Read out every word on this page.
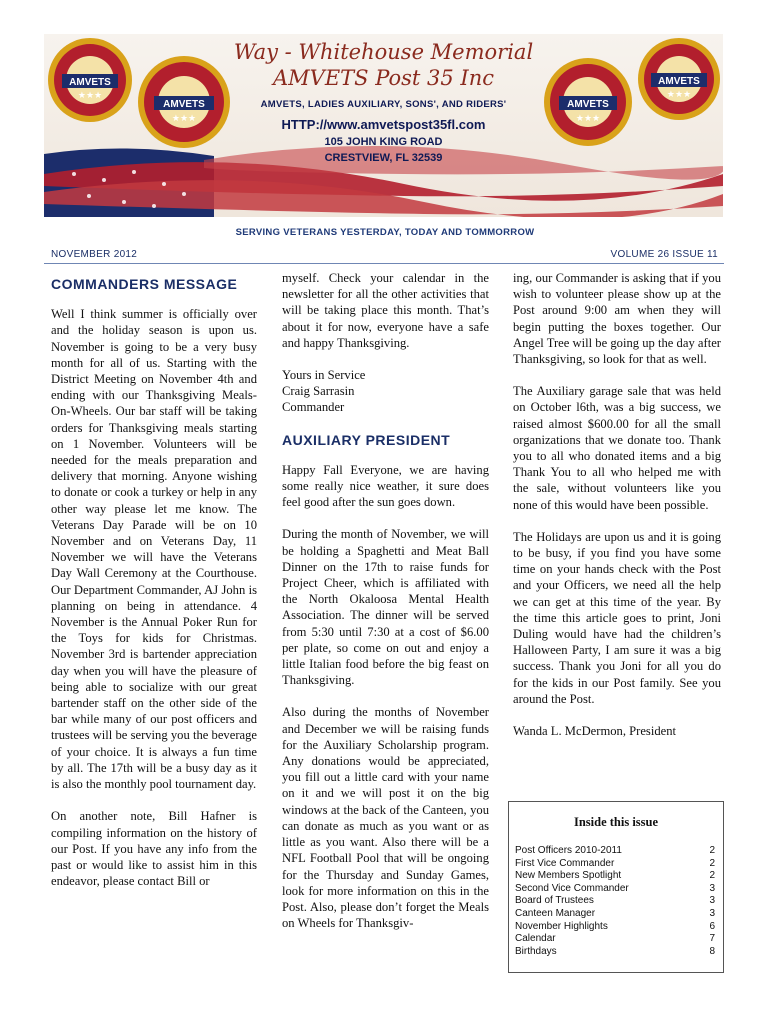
AMVETS
★★★
AMVETS
★★★
AMVETS
★★★
AMVETS
★★★
Way - Whitehouse Memorial
AMVETS Post 35 Inc
AMVETS, LADIES AUXILIARY, SONS', AND RIDERS'
HTTP://www.amvetspost35fl.com
105 JOHN KING ROAD
CRESTVIEW, FL 32539
SERVING VETERANS YESTERDAY, TODAY AND TOMMORROW
NOVEMBER 2012	VOLUME 26 ISSUE 11
COMMANDERS MESSAGE

Well I think summer is officially over and the holiday season is upon us. November is going to be a very busy month for all of us. Starting with the District Meeting on November 4th and ending with our Thanksgiving Meals-On-Wheels. Our bar staff will be taking orders for Thanksgiving meals starting on 1 November. Volunteers will be needed for the meals preparation and delivery that morning. Anyone wishing to donate or cook a turkey or help in any other way please let me know. The Veterans Day Parade will be on 10 November and on Veterans Day, 11 November we will have the Veterans Day Wall Ceremony at the Courthouse. Our Department Commander, AJ John is planning on being in attendance. 4 November is the Annual Poker Run for the Toys for kids for Christmas. November 3rd is bartender appreciation day when you will have the pleasure of being able to socialize with our great bartender staff on the other side of the bar while many of our post officers and trustees will be serving you the beverage of your choice. It is always a fun time by all. The 17th will be a busy day as it is also the monthly pool tournament day.

On another note, Bill Hafner is compiling information on the history of our Post. If you have any info from the past or would like to assist him in this endeavor, please contact Bill or

myself. Check your calendar in the newsletter for all the other activities that will be taking place this month. That’s about it for now, everyone have a safe and happy Thanksgiving.

Yours in Service

Craig Sarrasin

Commander

AUXILIARY PRESIDENT

Happy Fall Everyone, we are having some really nice weather, it sure does feel good after the sun goes down.

During the month of November, we will be holding a Spaghetti and Meat Ball Dinner on the 17th to raise funds for Project Cheer, which is affiliated with the North Okaloosa Mental Health Association. The dinner will be served from 5:30 until 7:30 at a cost of $6.00 per plate, so come on out and enjoy a little Italian food before the big feast on Thanksgiving.

Also during the months of November and December we will be raising funds for the Auxiliary Scholarship program. Any donations would be appreciated, you fill out a little card with your name on it and we will post it on the big windows at the back of the Canteen, you can donate as much as you want or as little as you want. Also there will be a NFL Football Pool that will be ongoing for the Thursday and Sunday Games, look for more information on this in the Post. Also, please don’t forget the Meals on Wheels for Thanksgiv-

ing, our Commander is asking that if you wish to volunteer please show up at the Post around 9:00 am when they will begin putting the boxes together. Our Angel Tree will be going up the day after Thanksgiving, so look for that as well.

The Auxiliary garage sale that was held on October l6th, was a big success, we raised almost $600.00 for all the small organizations that we donate too. Thank you to all who donated items and a big Thank You to all who helped me with the sale, without volunteers like you none of this would have been possible.

The Holidays are upon us and it is going to be busy, if you find you have some time on your hands check with the Post and your Officers, we need all the help we can get at this time of the year. By the time this article goes to print, Joni Duling would have had the children’s Halloween Party, I am sure it was a big success. Thank you Joni for all you do for the kids in our Post family. See you around the Post.

Wanda L. McDermon, President

Inside this issue
Post Officers 2010-2011	2
First Vice Commander	2
New Members Spotlight	2
Second Vice Commander	3
Board of Trustees	3
Canteen Manager	3
November Highlights	6
Calendar	7
Birthdays	8
